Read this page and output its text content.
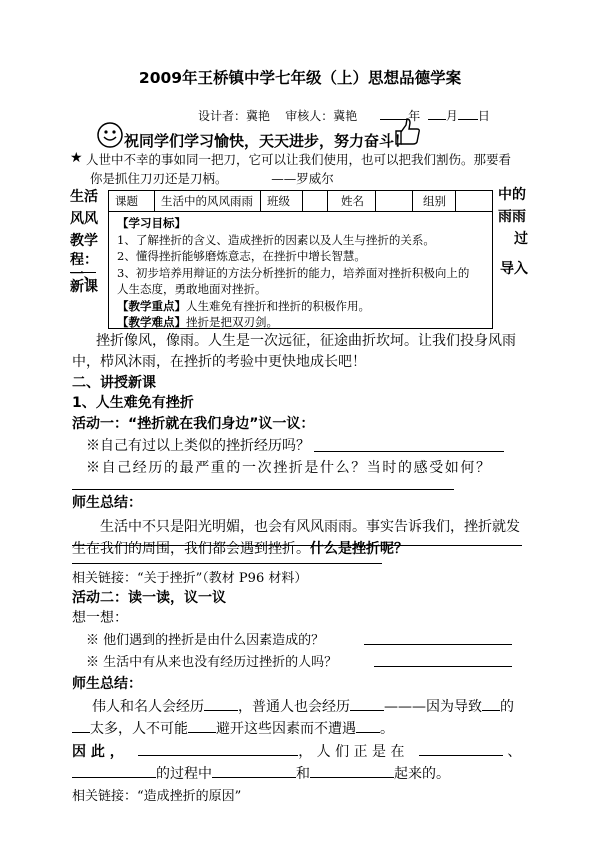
2009年王桥镇中学七年级（上）思想品德学案
设计者：冀艳 审核人：冀艳	年 月 日
祝同学们学习愉快，天天进步，努力奋斗！
★ 人世中不幸的事如同一把刀，它可以让我们使用，也可以把我们割伤。那要看
你是抓住刀刃还是刀柄。	——罗威尔
生活
风风
教学
程：
一、
新课
中的
雨雨
过
导入
课题 生活中的风风雨雨 班级	姓名	组别
【学习目标】
1、了解挫折的含义、造成挫折的因素以及人生与挫折的关系。
2、懂得挫折能够磨炼意志，在挫折中增长智慧。
3、初步培养用辩证的方法分析挫折的能力，培养面对挫折积极向上的
人生态度，勇敢地面对挫折。
【教学重点】人生难免有挫折和挫折的积极作用。
【教学难点】挫折是把双刃剑。
挫折像风，像雨。人生是一次远征，征途曲折坎坷。让我们投身风雨
中，栉风沐雨，在挫折的考验中更快地成长吧！
二、讲授新课
1、人生难免有挫折
活动一：“挫折就在我们身边”议一议：
※自己有过以上类似的挫折经历吗？
※自己经历的最严重的一次挫折是什么？当时的感受如何？
师生总结：
生活中不只是阳光明媚，也会有风风雨雨。事实告诉我们，挫折就发
生在我们的周围，我们都会遇到挫折。什么是挫折呢？
相关链接：“关于挫折”（教材 P96 材料）
活动二：读一读，议一议
想一想：
※ 他们遇到的挫折是由什么因素造成的？
※ 生活中有从来也没有经历过挫折的人吗？
师生总结：
伟人和名人会经历 ，普通人也会经历 ———因为导致 的
太多，人不可能 避开这些因素而不遭遇 。
因 此 ，	， 人 们 正 是 在	、
的过程中	和	起来的。
相关链接：“造成挫折的原因”
